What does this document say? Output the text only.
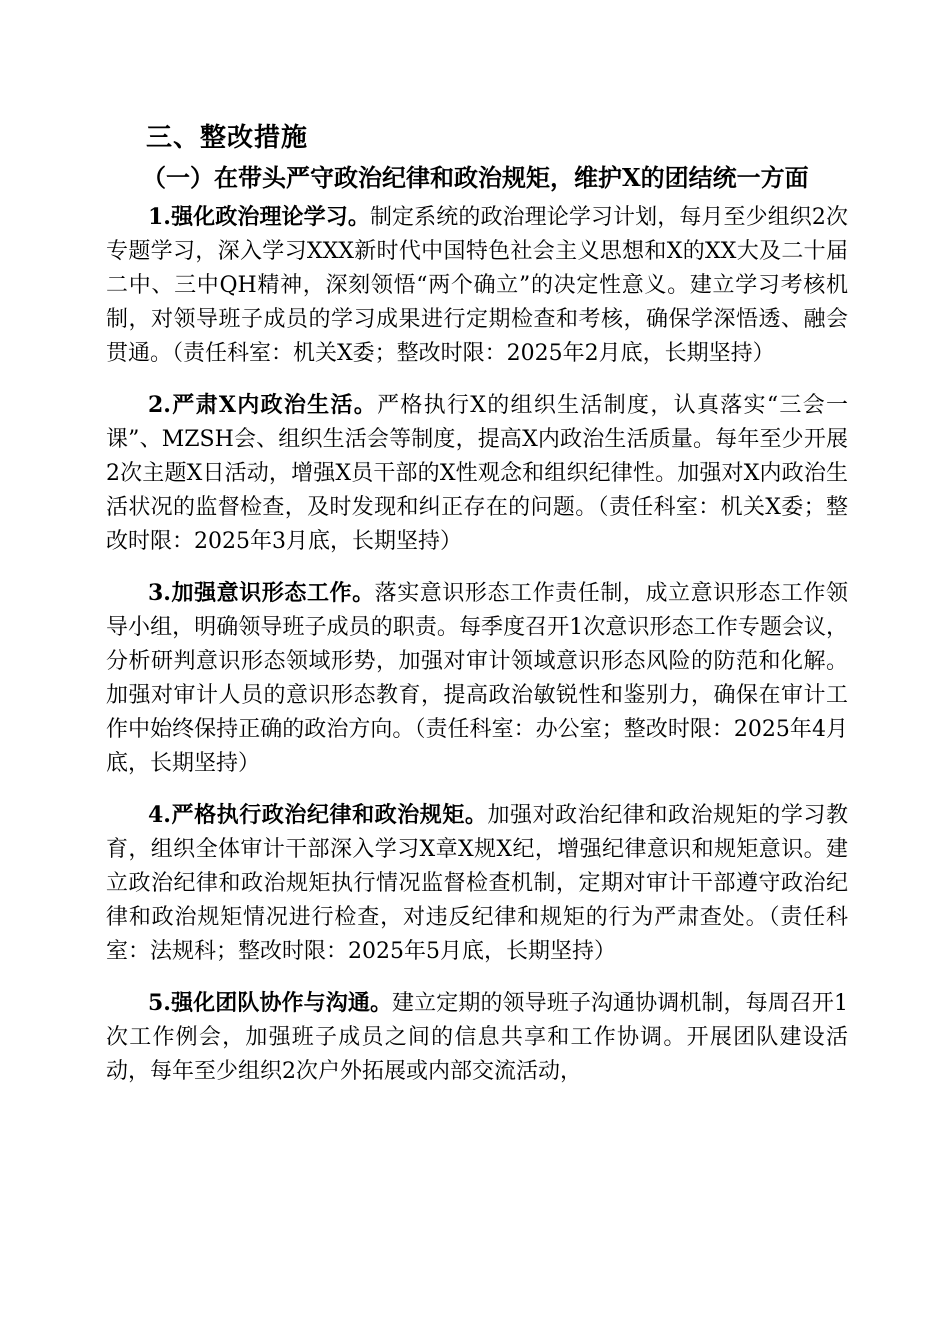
三、整改措施

（一）在带头严守政治纪律和政治规矩，维护X的团结统一方面

1.强化政治理论学习。制定系统的政治理论学习计划，每月至少组织2次专题学习，深入学习XXX新时代中国特色社会主义思想和X的XX大及二十届二中、三中QH精神，深刻领悟“两个确立”的决定性意义。建立学习考核机制，对领导班子成员的学习成果进行定期检查和考核，确保学深悟透、融会贯通。（责任科室：机关X委；整改时限：2025年2月底，长期坚持）

2.严肃X内政治生活。严格执行X的组织生活制度，认真落实“三会一课”、MZSH会、组织生活会等制度，提高X内政治生活质量。每年至少开展2次主题X日活动，增强X员干部的X性观念和组织纪律性。加强对X内政治生活状况的监督检查，及时发现和纠正存在的问题。（责任科室：机关X委；整改时限：2025年3月底，长期坚持）

3.加强意识形态工作。落实意识形态工作责任制，成立意识形态工作领导小组，明确领导班子成员的职责。每季度召开1次意识形态工作专题会议，分析研判意识形态领域形势，加强对审计领域意识形态风险的防范和化解。加强对审计人员的意识形态教育，提高政治敏锐性和鉴别力，确保在审计工作中始终保持正确的政治方向。（责任科室：办公室；整改时限：2025年4月底，长期坚持）

4.严格执行政治纪律和政治规矩。加强对政治纪律和政治规矩的学习教育，组织全体审计干部深入学习X章X规X纪，增强纪律意识和规矩意识。建立政治纪律和政治规矩执行情况监督检查机制，定期对审计干部遵守政治纪律和政治规矩情况进行检查，对违反纪律和规矩的行为严肃查处。（责任科室：法规科；整改时限：2025年5月底，长期坚持）

5.强化团队协作与沟通。建立定期的领导班子沟通协调机制，每周召开1次工作例会，加强班子成员之间的信息共享和工作协调。开展团队建设活动，每年至少组织2次户外拓展或内部交流活动，
